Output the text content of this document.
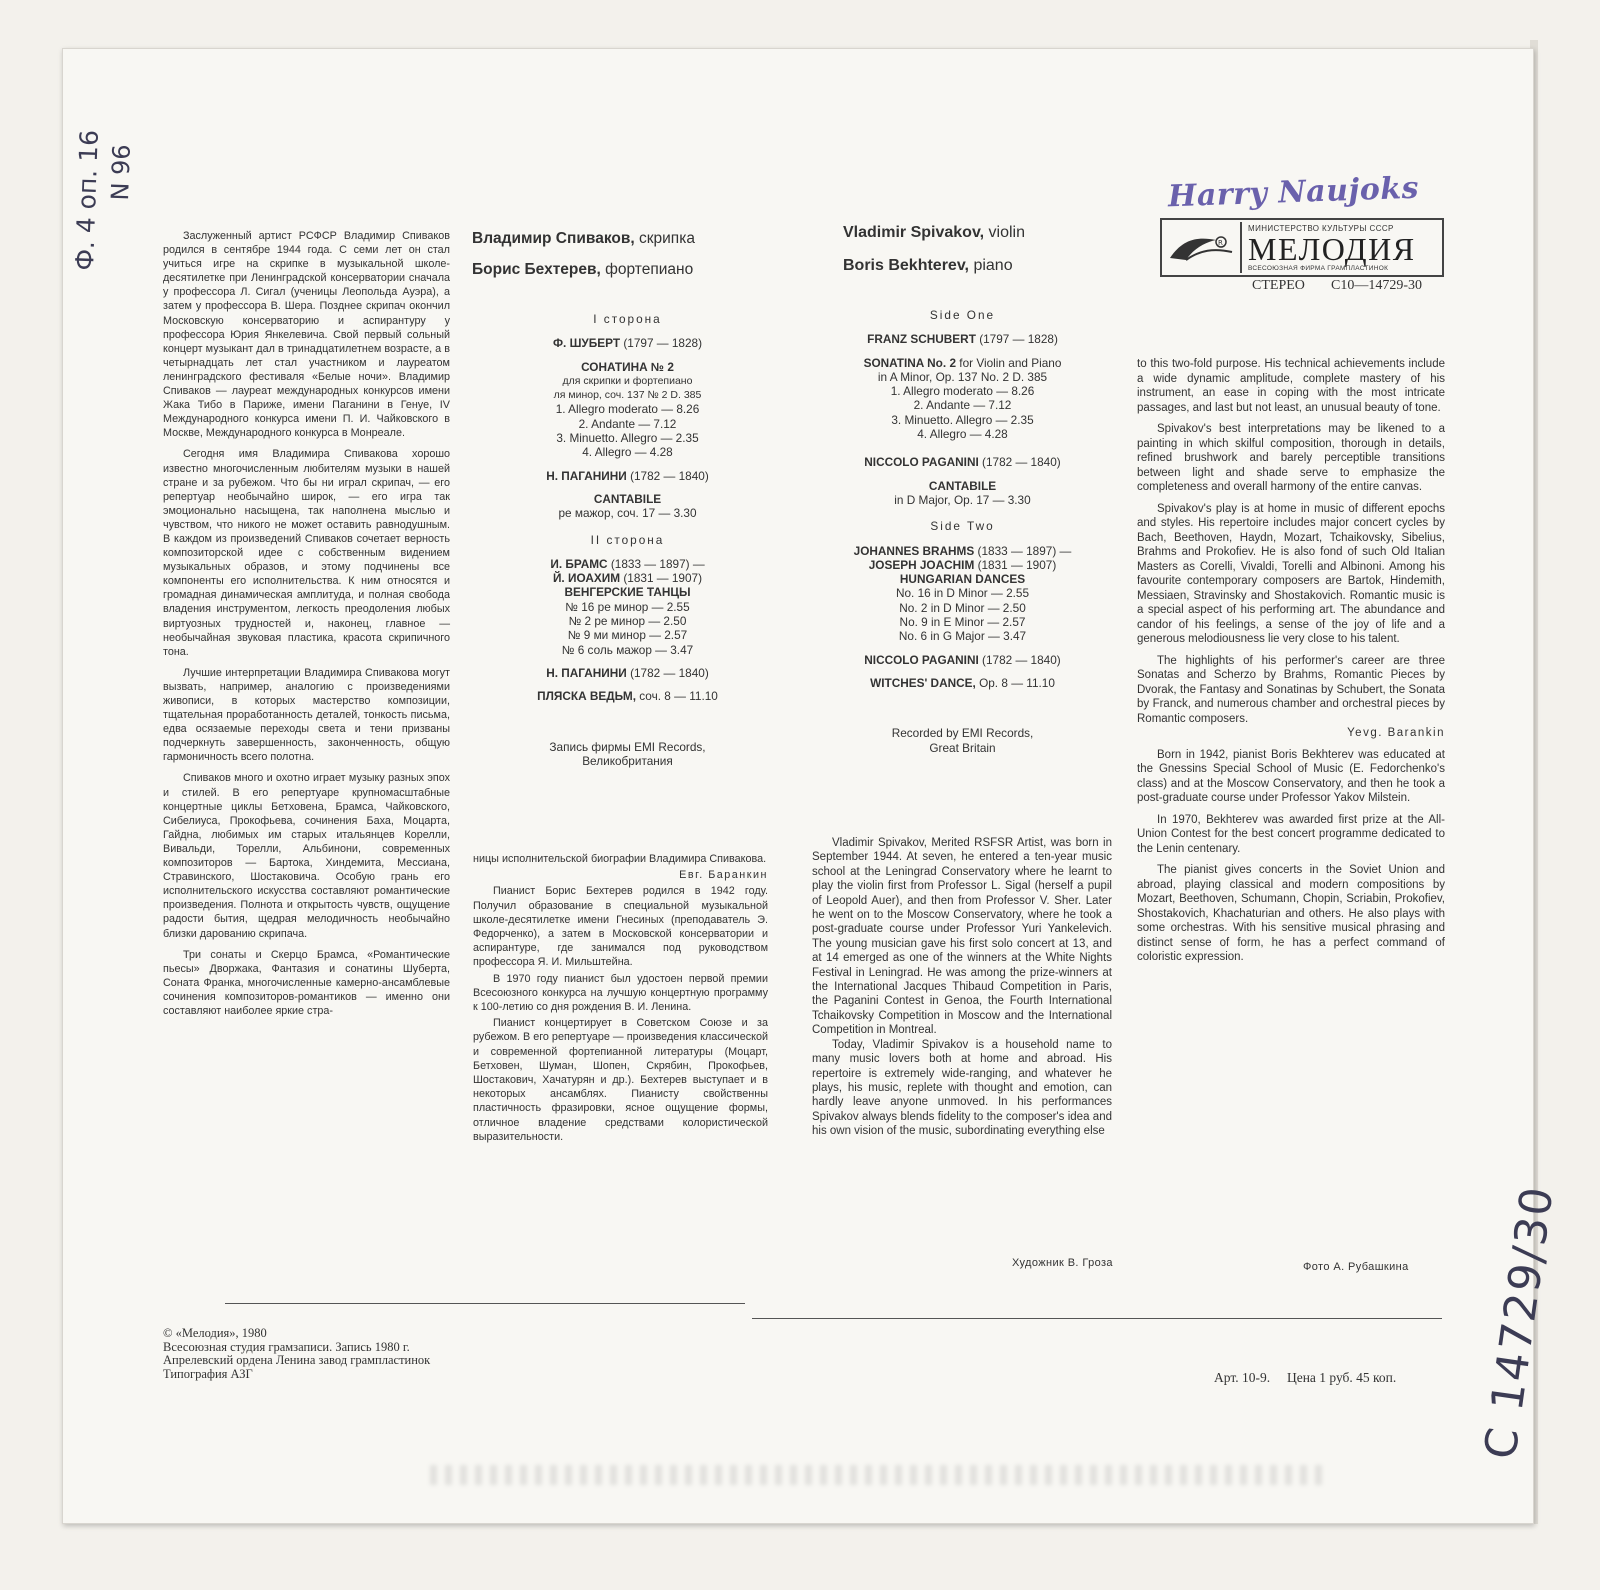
Ф. 4 оп. 16 N 96
С 14729/30
Harry Naujoks
R
МИНИСТЕРСТВО КУЛЬТУРЫ СССР
МЕЛОДИЯ
ВСЕСОЮЗНАЯ ФИРМА ГРАМПЛАСТИНОК
СТЕРЕО С10—14729-30
Владимир Спиваков, скрипка
Борис Бехтерев, фортепиано
Vladimir Spivakov, violin
Boris Bekhterev, piano
I сторона
Ф. ШУБЕРТ (1797 — 1828)
СОНАТИНА № 2
для скрипки и фортепиано
ля минор, соч. 137 № 2 D. 385
1. Allegro moderato — 8.26
2. Andante — 7.12
3. Minuetto. Allegro — 2.35
4. Allegro — 4.28
Н. ПАГАНИНИ (1782 — 1840)
CANTABILE
ре мажор, соч. 17 — 3.30
II сторона
И. БРАМС (1833 — 1897) —
Й. ИОАХИМ (1831 — 1907)
ВЕНГЕРСКИЕ ТАНЦЫ
№ 16 ре минор — 2.55
№ 2 ре минор — 2.50
№ 9 ми минор — 2.57
№ 6 соль мажор — 3.47
Н. ПАГАНИНИ (1782 — 1840)
ПЛЯСКА ВЕДЬМ, соч. 8 — 11.10
Запись фирмы EMI Records,
Великобритания
Side One
FRANZ SCHUBERT (1797 — 1828)
SONATINA No. 2 for Violin and Piano
in A Minor, Op. 137 No. 2 D. 385
1. Allegro moderato — 8.26
2. Andante — 7.12
3. Minuetto. Allegro — 2.35
4. Allegro — 4.28
NICCOLO PAGANINI (1782 — 1840)
CANTABILE
in D Major, Op. 17 — 3.30
Side Two
JOHANNES BRAHMS (1833 — 1897) —
JOSEPH JOACHIM (1831 — 1907)
HUNGARIAN DANCES
No. 16 in D Minor — 2.55
No. 2 in D Minor — 2.50
No. 9 in E Minor — 2.57
No. 6 in G Major — 3.47
NICCOLO PAGANINI (1782 — 1840)
WITCHES' DANCE, Op. 8 — 11.10
Recorded by EMI Records,
Great Britain

Заслуженный артист РСФСР Владимир Спиваков родился в сентябре 1944 года. С семи лет он стал учиться игре на скрипке в музыкальной школе-десятилетке при Ленинградской консерватории сначала у профессора Л. Сигал (ученицы Леопольда Ауэра), а затем у профессора В. Шера. Позднее скрипач окончил Московскую консерваторию и аспирантуру у профессора Юрия Янкелевича. Свой первый сольный концерт музыкант дал в тринадцатилетнем возрасте, а в четырнадцать лет стал участником и лауреатом ленинградского фестиваля «Белые ночи». Владимир Спиваков — лауреат международных конкурсов имени Жака Тибо в Париже, имени Паганини в Генуе, IV Международного конкурса имени П. И. Чайковского в Москве, Международного конкурса в Монреале.

Сегодня имя Владимира Спивакова хорошо известно многочисленным любителям музыки в нашей стране и за рубежом. Что бы ни играл скрипач, — его репертуар необычайно широк, — его игра так эмоционально насыщена, так наполнена мыслью и чувством, что никого не может оставить равнодушным. В каждом из произведений Спиваков сочетает верность композиторской идее с собственным видением музыкальных образов, и этому подчинены все компоненты его исполнительства. К ним относятся и громадная динамическая амплитуда, и полная свобода владения инструментом, легкость преодоления любых виртуозных трудностей и, наконец, главное — необычайная звуковая пластика, красота скрипичного тона.

Лучшие интерпретации Владимира Спивакова могут вызвать, например, аналогию с произведениями живописи, в которых мастерство композиции, тщательная проработанность деталей, тонкость письма, едва осязаемые переходы света и тени призваны подчеркнуть завершенность, законченность, общую гармоничность всего полотна.

Спиваков много и охотно играет музыку разных эпох и стилей. В его репертуаре крупномасштабные концертные циклы Бетховена, Брамса, Чайковского, Сибелиуса, Прокофьева, сочинения Баха, Моцарта, Гайдна, любимых им старых итальянцев Корелли, Вивальди, Торелли, Альбинони, современных композиторов — Бартока, Хиндемита, Мессиана, Стравинского, Шостаковича. Особую грань его исполнительского искусства составляют романтические произведения. Полнота и открытость чувств, ощущение радости бытия, щедрая мелодичность необычайно близки дарованию скрипача.

Три сонаты и Скерцо Брамса, «Романтические пьесы» Дворжака, Фантазия и сонатины Шуберта, Соната Франка, многочисленные камерно-ансамблевые сочинения композиторов-романтиков — именно они составляют наиболее яркие стра-

ницы исполнительской биографии Владимира Спивакова.

Евг. Баранкин

Пианист Борис Бехтерев родился в 1942 году. Получил образование в специальной музыкальной школе-десятилетке имени Гнесиных (преподаватель Э. Федорченко), а затем в Московской консерватории и аспирантуре, где занимался под руководством профессора Я. И. Мильштейна.

В 1970 году пианист был удостоен первой премии Всесоюзного конкурса на лучшую концертную программу к 100-летию со дня рождения В. И. Ленина.

Пианист концертирует в Советском Союзе и за рубежом. В его репертуаре — произведения классической и современной фортепианной литературы (Моцарт, Бетховен, Шуман, Шопен, Скрябин, Прокофьев, Шостакович, Хачатурян и др.). Бехтерев выступает и в некоторых ансамблях. Пианисту свойственны пластичность фразировки, ясное ощущение формы, отличное владение средствами колористической выразительности.

Vladimir Spivakov, Merited RSFSR Artist, was born in September 1944. At seven, he entered a ten-year music school at the Leningrad Conservatory where he learnt to play the violin first from Professor L. Sigal (herself a pupil of Leopold Auer), and then from Professor V. Sher. Later he went on to the Moscow Conservatory, where he took a post-graduate course under Professor Yuri Yankelevich. The young musician gave his first solo concert at 13, and at 14 emerged as one of the winners at the White Nights Festival in Leningrad. He was among the prize-winners at the International Jacques Thibaud Competition in Paris, the Paganini Contest in Genoa, the Fourth International Tchaikovsky Competition in Moscow and the International Competition in Montreal.

Today, Vladimir Spivakov is a household name to many music lovers both at home and abroad. His repertoire is extremely wide-ranging, and whatever he plays, his music, replete with thought and emotion, can hardly leave anyone unmoved. In his performances Spivakov always blends fidelity to the composer's idea and his own vision of the music, subordinating everything else

to this two-fold purpose. His technical achievements include a wide dynamic amplitude, complete mastery of his instrument, an ease in coping with the most intricate passages, and last but not least, an unusual beauty of tone.

Spivakov's best interpretations may be likened to a painting in which skilful composition, thorough in details, refined brushwork and barely perceptible transitions between light and shade serve to emphasize the completeness and overall harmony of the entire canvas.

Spivakov's play is at home in music of different epochs and styles. His repertoire includes major concert cycles by Bach, Beethoven, Haydn, Mozart, Tchaikovsky, Sibelius, Brahms and Prokofiev. He is also fond of such Old Italian Masters as Corelli, Vivaldi, Torelli and Albinoni. Among his favourite contemporary composers are Bartok, Hindemith, Messiaen, Stravinsky and Shostakovich. Romantic music is a special aspect of his performing art. The abundance and candor of his feelings, a sense of the joy of life and a generous melodiousness lie very close to his talent.

The highlights of his performer's career are three Sonatas and Scherzo by Brahms, Romantic Pieces by Dvorak, the Fantasy and Sonatinas by Schubert, the Sonata by Franck, and numerous chamber and orchestral pieces by Romantic composers.

Yevg. Barankin

Born in 1942, pianist Boris Bekhterev was educated at the Gnessins Special School of Music (E. Fedorchenko's class) and at the Moscow Conservatory, and then he took a post-graduate course under Professor Yakov Milstein.

In 1970, Bekhterev was awarded first prize at the All-Union Contest for the best concert programme dedicated to the Lenin centenary.

The pianist gives concerts in the Soviet Union and abroad, playing classical and modern compositions by Mozart, Beethoven, Schumann, Chopin, Scriabin, Prokofiev, Shostakovich, Khachaturian and others. He also plays with some orchestras. With his sensitive musical phrasing and distinct sense of form, he has a perfect command of coloristic expression.

Художник В. Гроза	Фото А. Рубашкина
© «Мелодия», 1980
Всесоюзная студия грамзаписи. Запись 1980 г.
Апрелевский ордена Ленина завод грампластинок
Типография АЗГ	Арт. 10-9. Цена 1 руб. 45 коп.
